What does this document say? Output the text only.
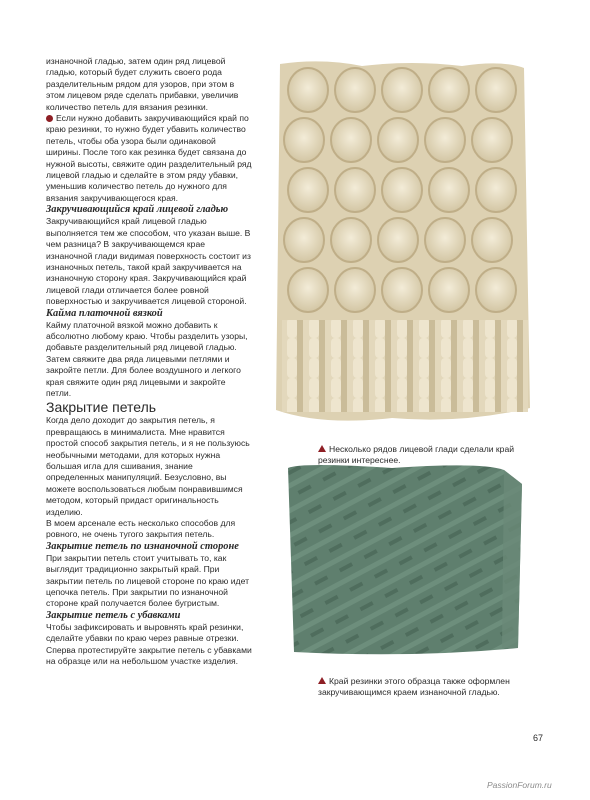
изнаночной гладью, затем один ряд лицевой гладью, который будет служить своего рода разделительным рядом для узоров, при этом в этом лицевом ряде сделать прибавки, увеличив количество петель для вязания резинки.

Если нужно добавить закручивающийся край по краю резинки, то нужно будет убавить количество петель, чтобы оба узора были одинаковой ширины. После того как резинка будет связана до нужной высоты, свяжите один разделительный ряд лицевой гладью и сделайте в этом ряду убавки, уменьшив количество петель до нужного для вязания закручивающегося края.

Закручивающийся край лицевой гладью

Закручивающийся край лицевой гладью выполняется тем же способом, что указан выше. В чем разница? В закручивающемся крае изнаночной глади видимая поверхность состоит из изнаночных петель, такой край закручивается на изнаночную сторону края. Закручивающийся край лицевой глади отличается более ровной поверхностью и закручивается лицевой стороной.

Кайма платочной вязкой

Кайму платочной вязкой можно добавить к абсолютно любому краю. Чтобы разделить узоры, добавьте разделительный ряд лицевой гладью. Затем свяжите два ряда лицевыми петлями и закройте петли. Для более воздушного и легкого края свяжите один ряд лицевыми и закройте петли.

Закрытие петель

Когда дело доходит до закрытия петель, я превращаюсь в минималиста. Мне нравится простой способ закрытия петель, и я не пользуюсь необычными методами, для которых нужна большая игла для сшивания, знание определенных манипуляций. Безусловно, вы можете воспользоваться любым понравившимся методом, который придаст оригинальность изделию.

В моем арсенале есть несколько способов для ровного, не очень тугого закрытия петель.

Закрытие петель по изнаночной стороне

При закрытии петель стоит учитывать то, как выглядит традиционно закрытый край. При закрытии петель по лицевой стороне по краю идет цепочка петель. При закрытии по изнаночной стороне край получается более бугристым.

Закрытие петель с убавками

Чтобы зафиксировать и выровнять край резинки, сделайте убавки по краю через равные отрезки. Сперва протестируйте закрытие петель с убавками на образце или на небольшом участке изделия.

Несколько рядов лицевой глади сделали край резинки интереснее.

Край резинки этого образца также оформлен закручивающимся краем изнаночной гладью.

67
PassionForum.ru
